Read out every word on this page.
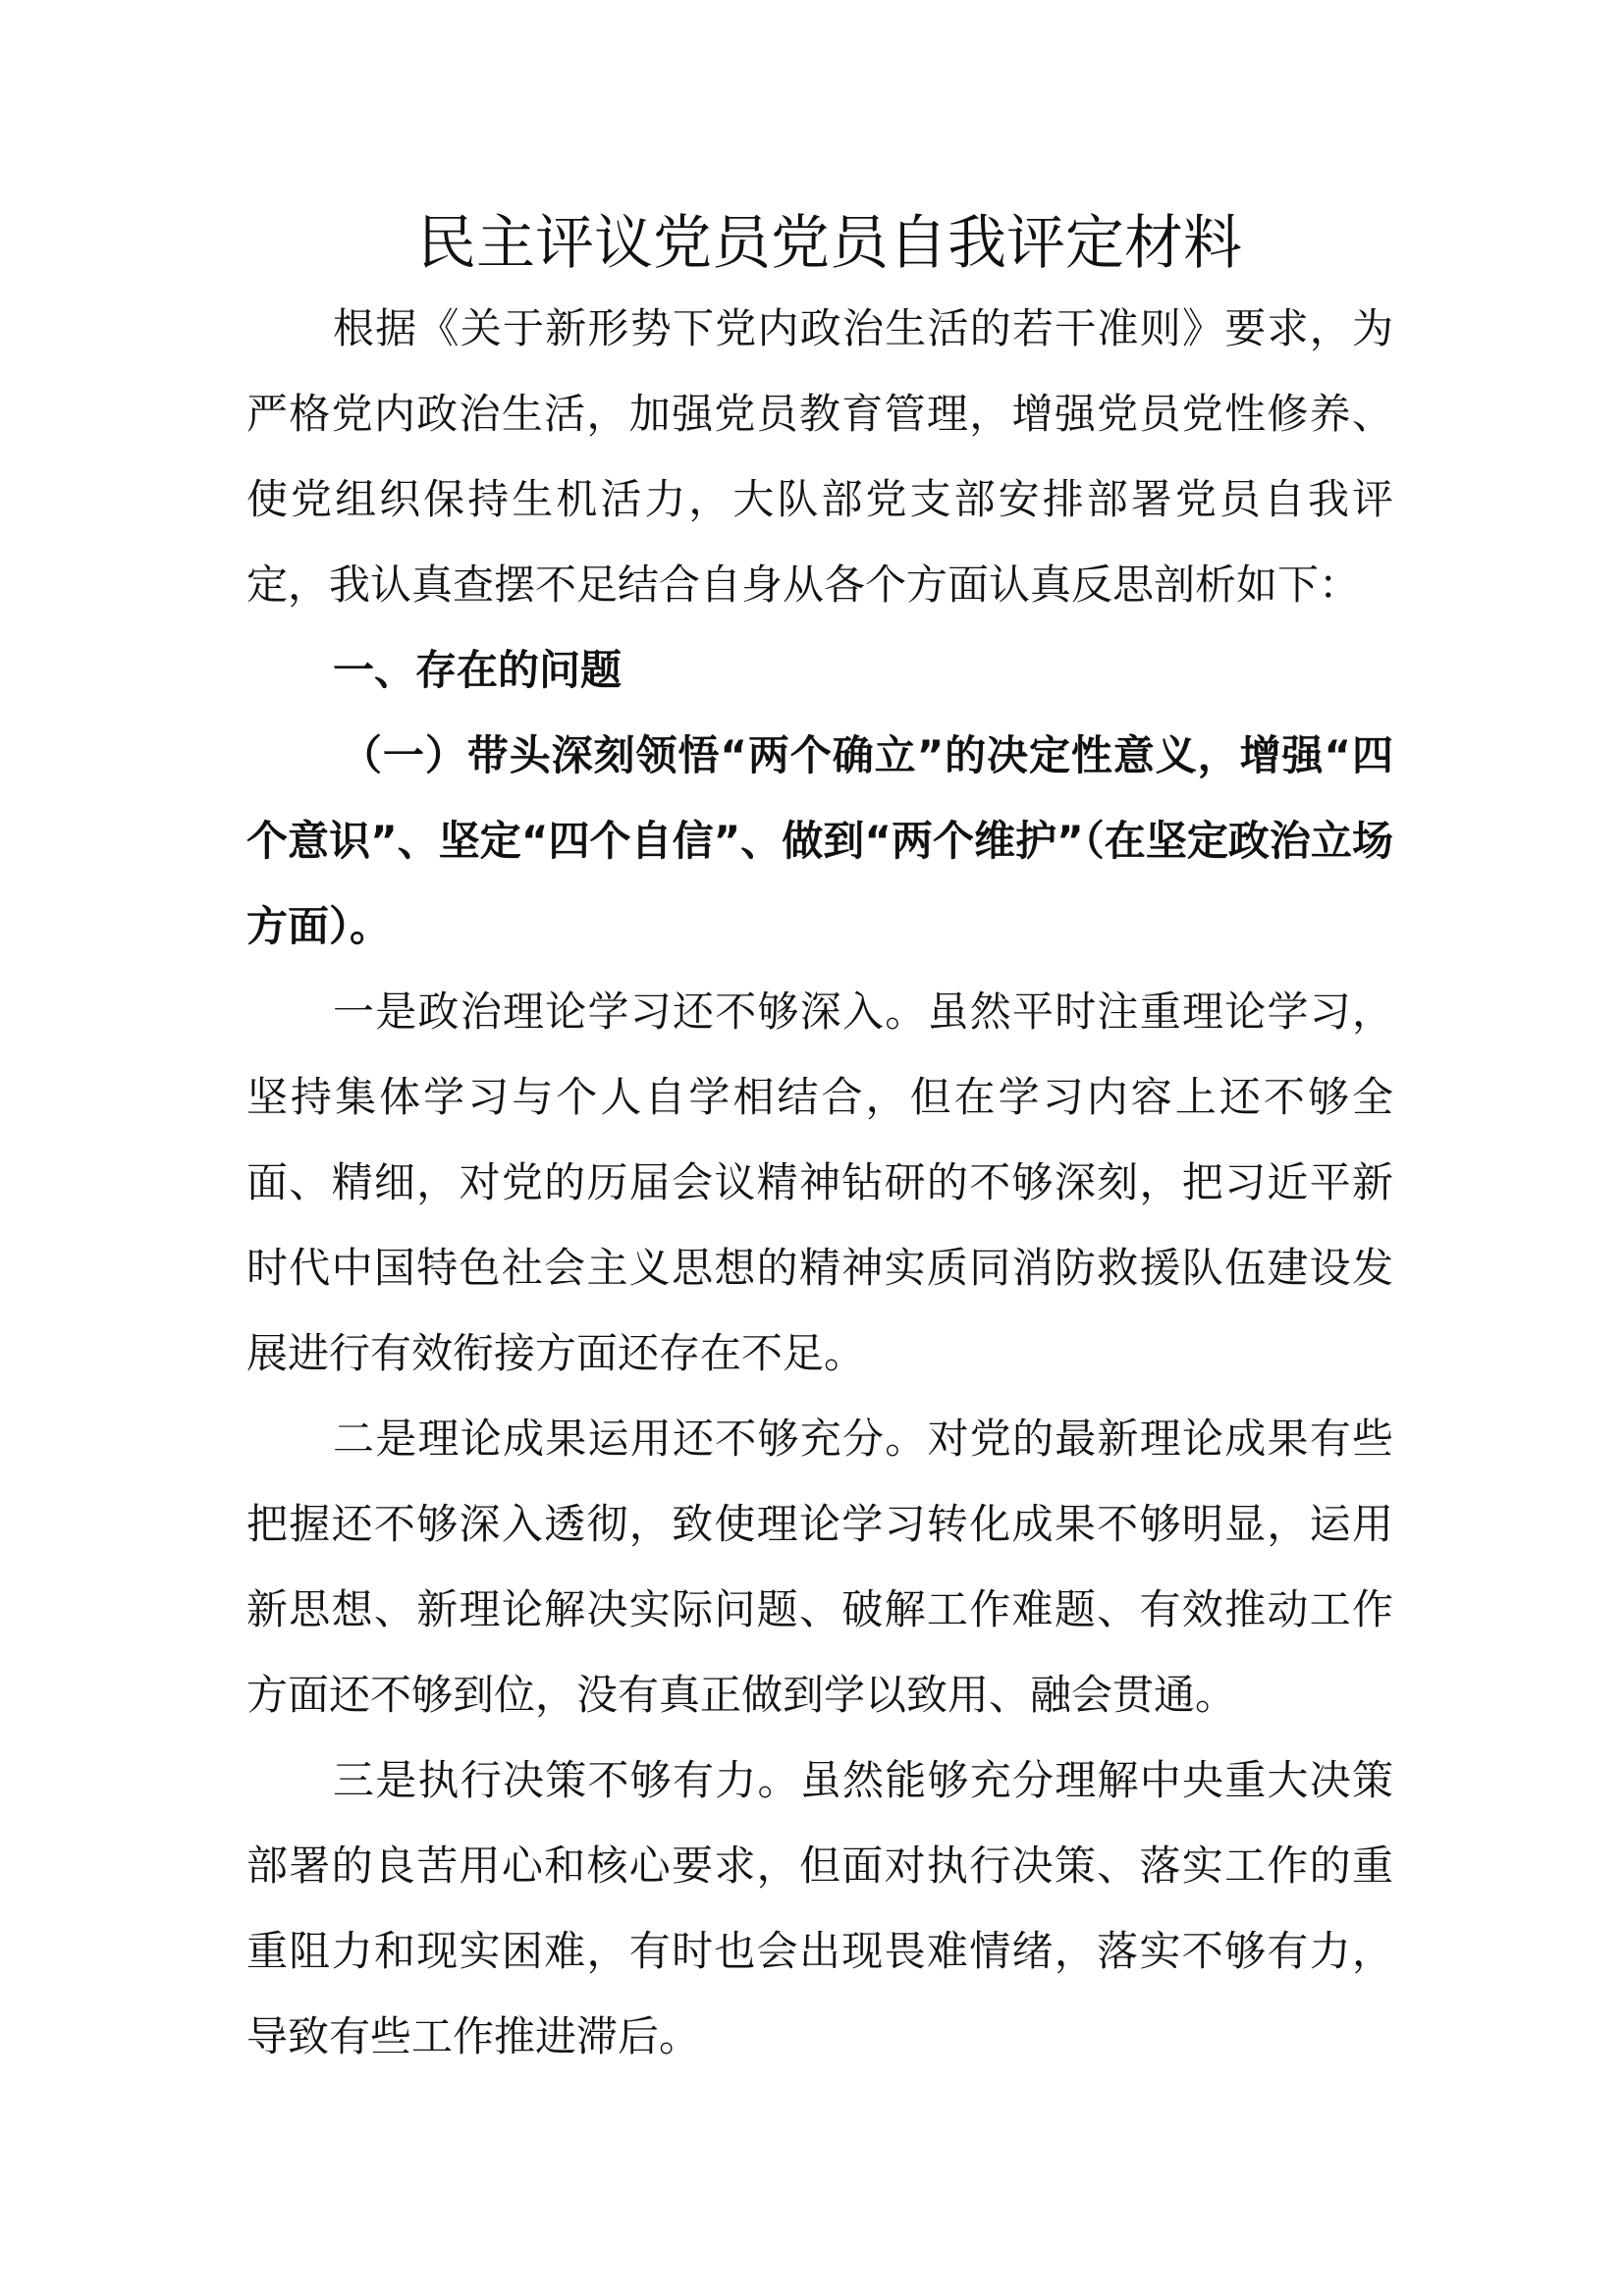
民主评议党员党员自我评定材料

根据《关于新形势下党内政治生活的若干准则》要求，为严格党内政治生活，加强党员教育管理，增强党员党性修养、使党组织保持生机活力，大队部党支部安排部署党员自我评定，我认真查摆不足结合自身从各个方面认真反思剖析如下：

一、存在的问题

（一）带头深刻领悟“两个确立”的决定性意义，增强“四个意识”、坚定“四个自信”、做到“两个维护”（在坚定政治立场方面）。

一是政治理论学习还不够深入。虽然平时注重理论学习，坚持集体学习与个人自学相结合，但在学习内容上还不够全面、精细，对党的历届会议精神钻研的不够深刻，把习近平新时代中国特色社会主义思想的精神实质同消防救援队伍建设发展进行有效衔接方面还存在不足。

二是理论成果运用还不够充分。对党的最新理论成果有些把握还不够深入透彻，致使理论学习转化成果不够明显，运用新思想、新理论解决实际问题、破解工作难题、有效推动工作方面还不够到位，没有真正做到学以致用、融会贯通。

三是执行决策不够有力。虽然能够充分理解中央重大决策部署的良苦用心和核心要求，但面对执行决策、落实工作的重重阻力和现实困难，有时也会出现畏难情绪，落实不够有力，导致有些工作推进滞后。
